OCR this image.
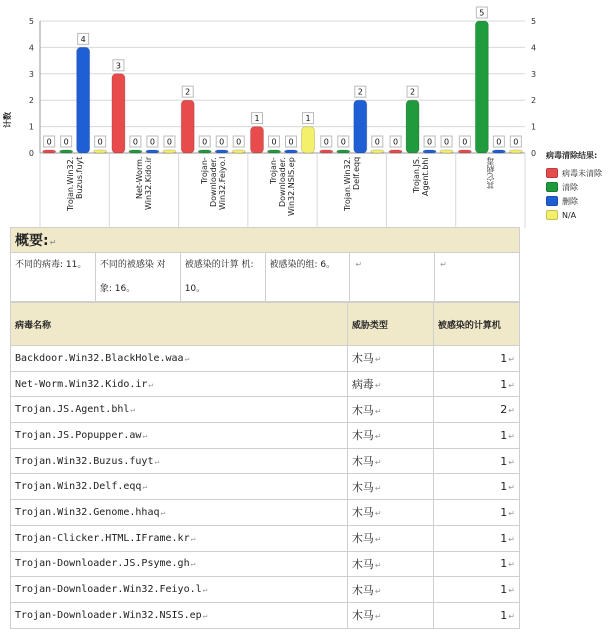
0	0
1	1
2	2
3	3
4	4
5	5
计数
0 0
4
0
3
0 0 0
2
0 0 0
1
0 0
1
0 0
2
0 0
2
0 0 0
5
0 0
Trojan.Win32.
Buzus.fuyt	Net-Worm.
Win32.Kido.ir	Trojan-
Downloader.
Win32.Feiyo.l	Trojan-
Downloader.
Win32.NSIS.ep	Trojan.Win32.
Delf.eqq	Trojan.JS.
Agent.bhl	其它病毒
病毒清除结果:
病毒未清除
清除
删除
N/A
概要:↵
不同的病毒: 11。	不同的被感染 对象: 16。	被感染的计算 机: 10。	被感染的组: 6。	↵	↵
病毒名称	威胁类型	被感染的计算机
Backdoor.Win32.BlackHole.waa↵	木马↵	1↵
Net-Worm.Win32.Kido.ir↵	病毒↵	1↵
Trojan.JS.Agent.bhl↵	木马↵	2↵
Trojan.JS.Popupper.aw↵	木马↵	1↵
Trojan.Win32.Buzus.fuyt↵	木马↵	1↵
Trojan.Win32.Delf.eqq↵	木马↵	1↵
Trojan.Win32.Genome.hhaq↵	木马↵	1↵
Trojan-Clicker.HTML.IFrame.kr↵	木马↵	1↵
Trojan-Downloader.JS.Psyme.gh↵	木马↵	1↵
Trojan-Downloader.Win32.Feiyo.l↵	木马↵	1↵
Trojan-Downloader.Win32.NSIS.ep↵	木马↵	1↵
